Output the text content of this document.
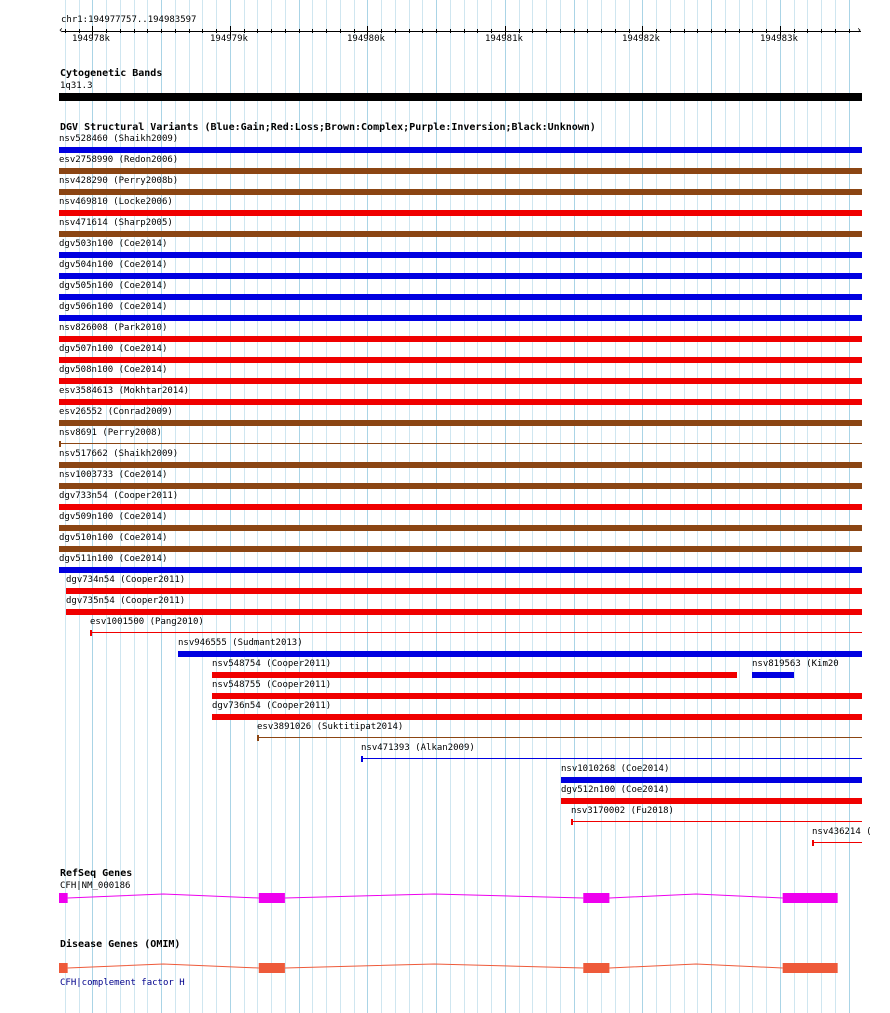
chr1:194977757..194983597
‹	›
194978k	194979k	194980k	194981k	194982k	194983k
Cytogenetic Bands
1q31.3
DGV Structural Variants (Blue:Gain;Red:Loss;Brown:Complex;Purple:Inversion;Black:Unknown)
nsv528460 (Shaikh2009)
esv2758990 (Redon2006)
nsv428290 (Perry2008b)
nsv469810 (Locke2006)
nsv471614 (Sharp2005)
dgv503n100 (Coe2014)
dgv504n100 (Coe2014)
dgv505n100 (Coe2014)
dgv506n100 (Coe2014)
nsv826008 (Park2010)
dgv507n100 (Coe2014)
dgv508n100 (Coe2014)
esv3584613 (Mokhtar2014)
esv26552 (Conrad2009)
nsv8691 (Perry2008)
nsv517662 (Shaikh2009)
nsv1003733 (Coe2014)
dgv733n54 (Cooper2011)
dgv509n100 (Coe2014)
dgv510n100 (Coe2014)
dgv511n100 (Coe2014)
dgv734n54 (Cooper2011)
dgv735n54 (Cooper2011)
esv1001500 (Pang2010)
nsv946555 (Sudmant2013)
nsv548754 (Cooper2011)
nsv548755 (Cooper2011)
dgv736n54 (Cooper2011)
esv3891026 (Suktitipat2014)
nsv471393 (Alkan2009)
nsv1010268 (Coe2014)
dgv512n100 (Coe2014)
nsv3170002 (Fu2018)
nsv436214 (
nsv819563 (Kim20
RefSeq Genes
CFH|NM_000186
Disease Genes (OMIM)
CFH|complement factor H
